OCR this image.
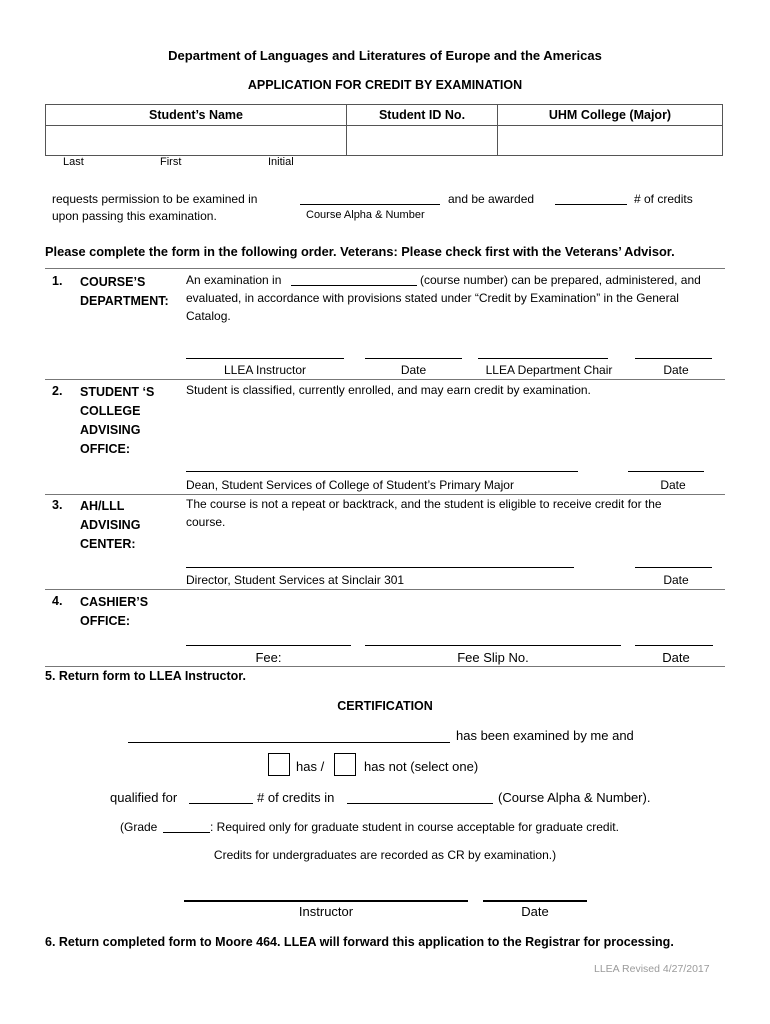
Department of Languages and Literatures of Europe and the Americas
APPLICATION FOR CREDIT BY EXAMINATION
Student’s Name	Student ID No.	UHM College (Major)

Last	First	Initial
requests permission to be examined in
upon passing this examination.	Course Alpha & Number
and be awarded	# of credits
Please complete the form in the following order. Veterans: Please check first with the Veterans’ Advisor.
1. COURSE’S
DEPARTMENT:
An examination in	(course number) can be prepared, administered, and
evaluated, in accordance with provisions stated under “Credit by Examination” in the General
Catalog.
LLEA Instructor	Date	LLEA Department Chair	Date
2. STUDENT ‘S
COLLEGE
ADVISING
OFFICE:
Student is classified, currently enrolled, and may earn credit by examination.
Dean, Student Services of College of Student’s Primary Major	Date
3. AH/LLL
ADVISING
CENTER:
The course is not a repeat or backtrack, and the student is eligible to receive credit for the
course.
Director, Student Services at Sinclair 301	Date
4. CASHIER’S
OFFICE:
Fee:	Fee Slip No.	Date
5. Return form to LLEA Instructor.
CERTIFICATION
has been examined by me and
has /	has not (select one)
qualified for	# of credits in	(Course Alpha & Number).
(Grade	: Required only for graduate student in course acceptable for graduate credit.
Credits for undergraduates are recorded as CR by examination.)
Instructor	Date
6. Return completed form to Moore 464. LLEA will forward this application to the Registrar for processing.
LLEA Revised 4/27/2017
